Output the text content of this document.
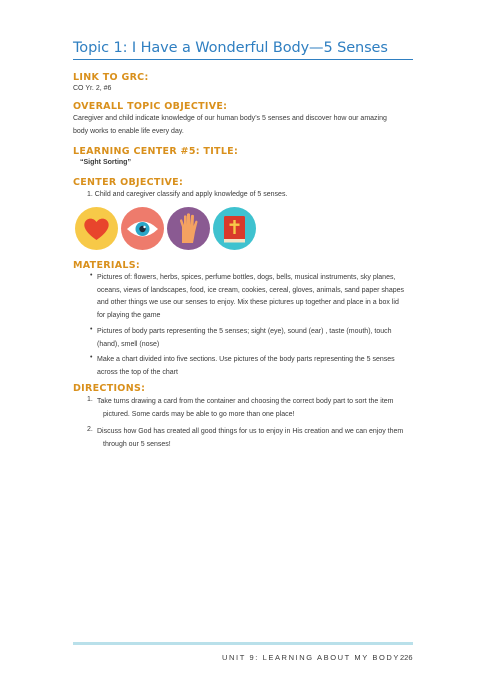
Topic 1: I Have a Wonderful Body—5 Senses
LINK TO GRC:
CO Yr. 2, #6
OVERALL TOPIC OBJECTIVE:
Caregiver and child indicate knowledge of our human body’s 5 senses and discover how our amazing
body works to enable life every day.
LEARNING CENTER #5: TITLE:
“Sight Sorting”
CENTER OBJECTIVE:
1. Child and caregiver classify and apply knowledge of 5 senses.
MATERIALS:
• Pictures of: flowers, herbs, spices, perfume bottles, dogs, bells, musical instruments, sky planes,
oceans, views of landscapes, food, ice cream, cookies, cereal, gloves, animals, sand paper shapes
and other things we use our senses to enjoy. Mix these pictures up together and place in a box lid
for playing the game
• Pictures of body parts representing the 5 senses; sight (eye), sound (ear) , taste (mouth), touch
(hand), smell (nose)
• Make a chart divided into five sections. Use pictures of the body parts representing the 5 senses
across the top of the chart
DIRECTIONS:
1. Take turns drawing a card from the container and choosing the correct body part to sort the item
pictured. Some cards may be able to go more than one place!
2. Discuss how God has created all good things for us to enjoy in His creation and we can enjoy them
through our 5 senses!
UNIT 9: LEARNING ABOUT MY BODY 226
